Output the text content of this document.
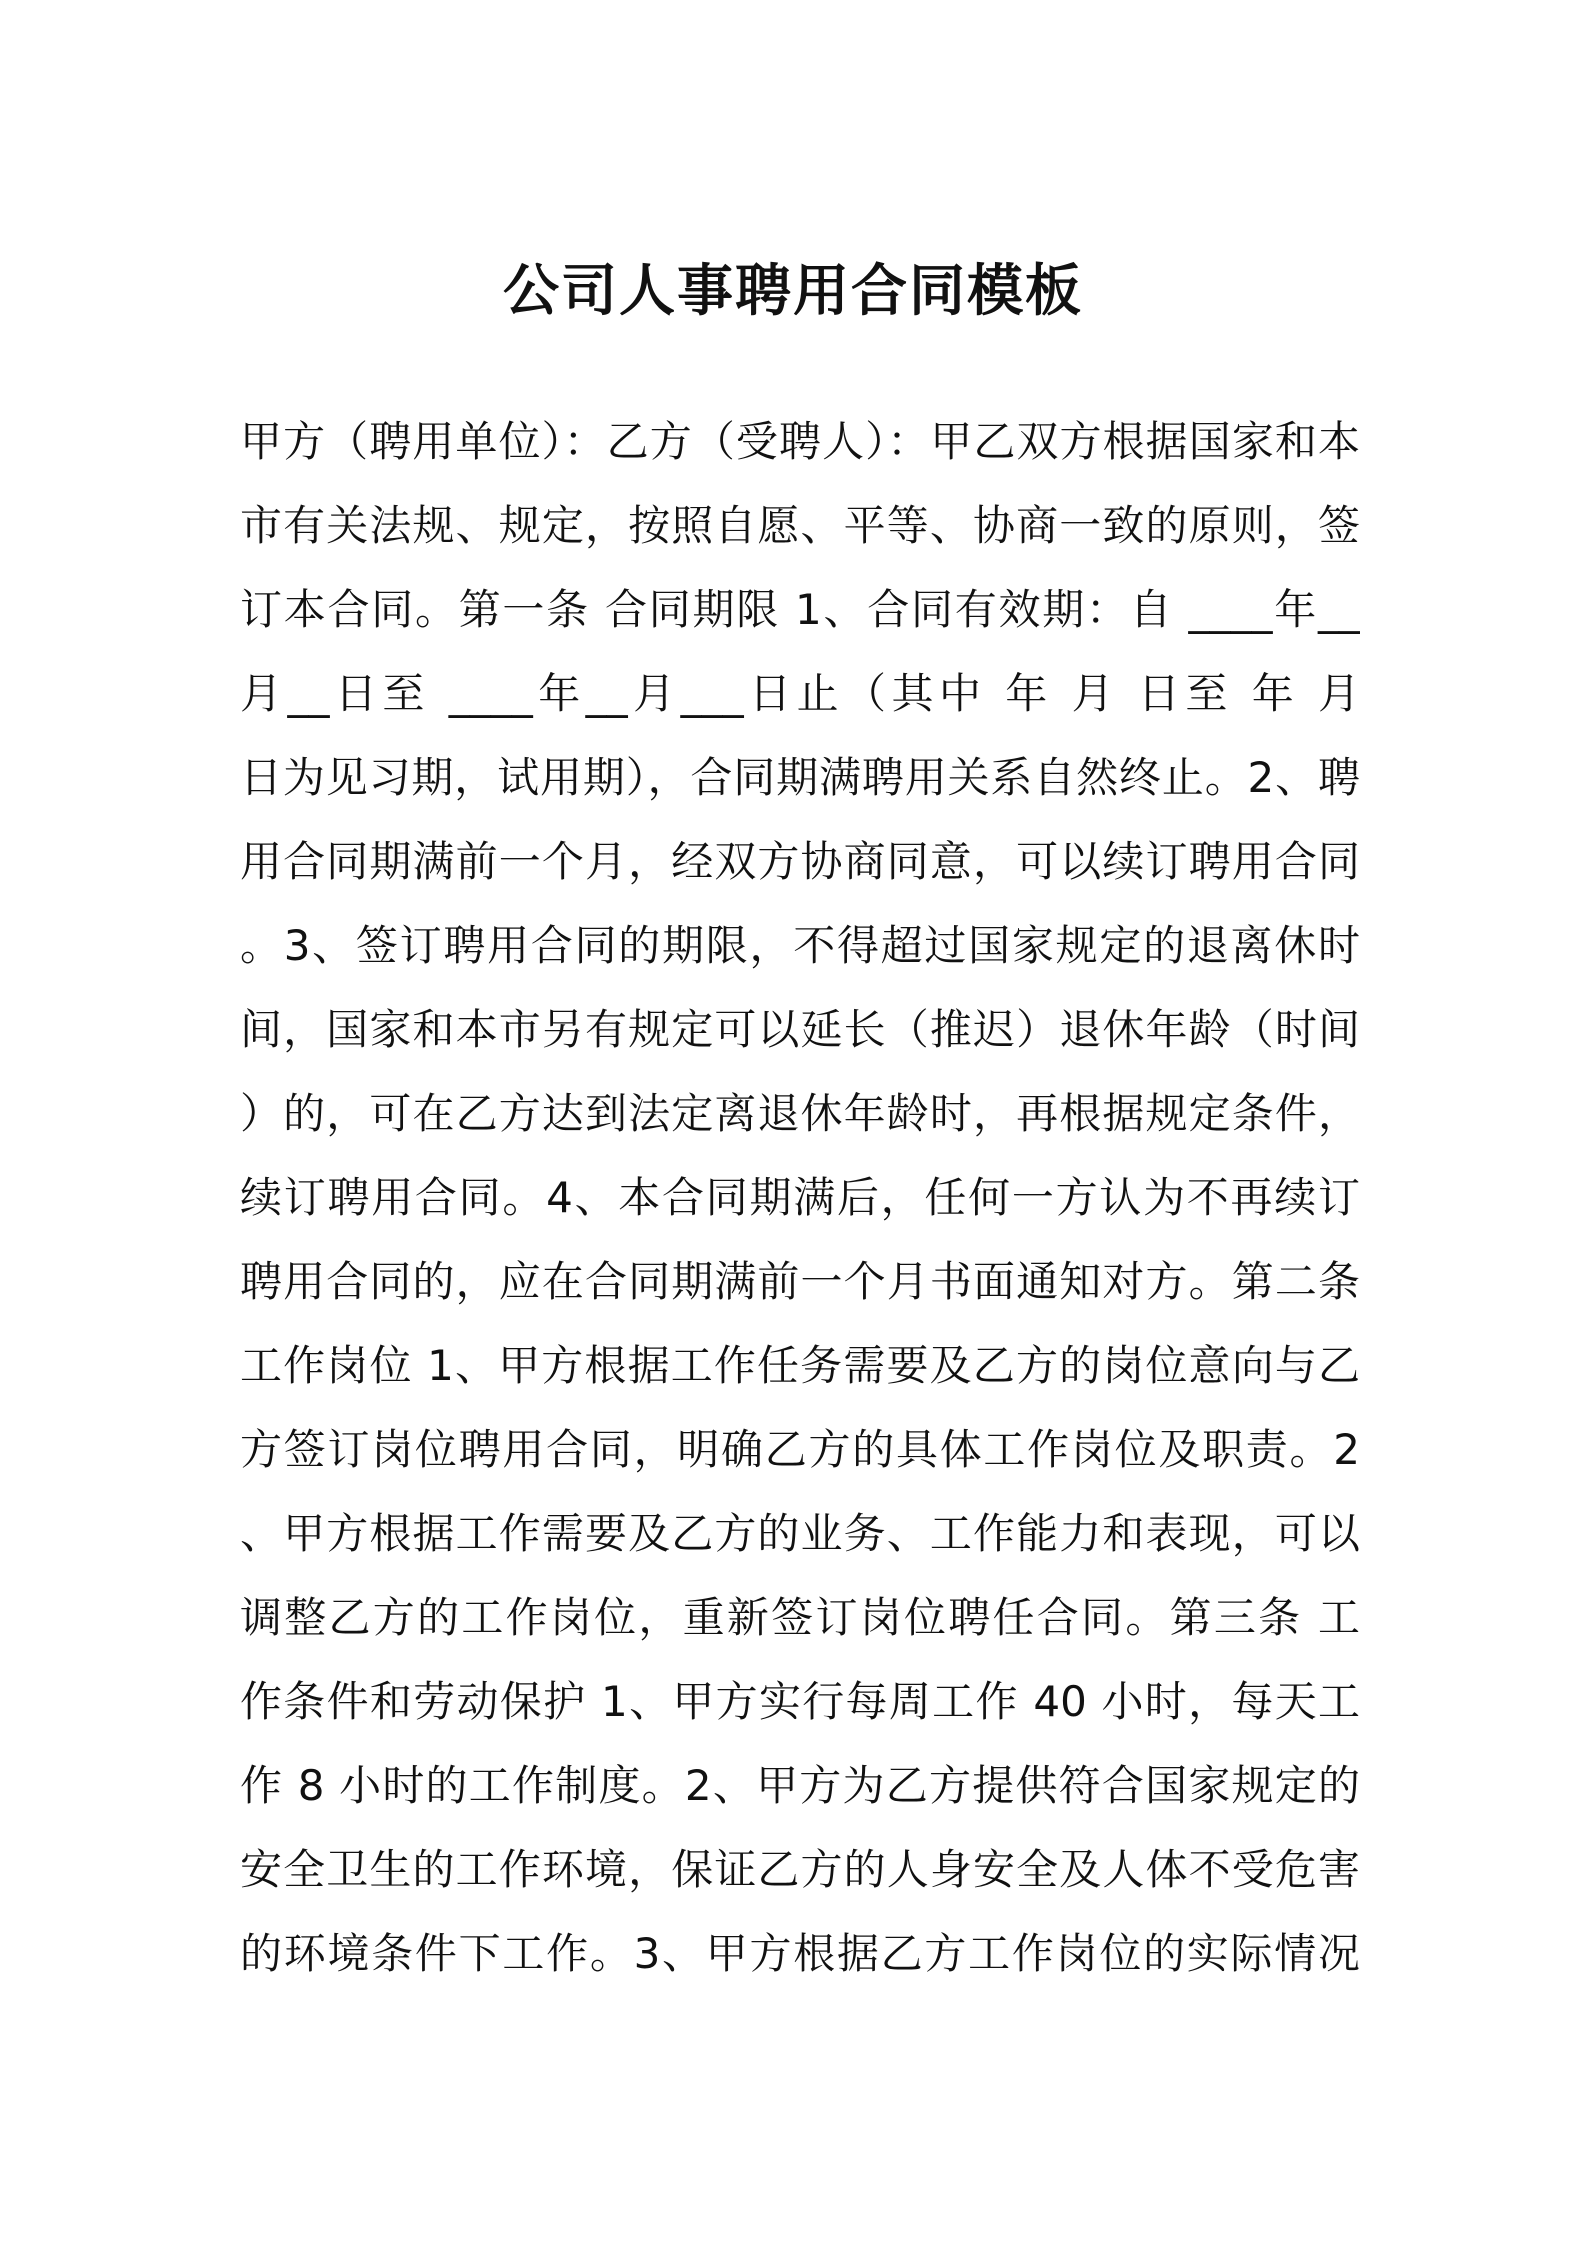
公司人事聘用合同模板
甲方（聘用单位）：乙方（受聘人）：甲乙双方根据国家和本
市有关法规、规定，按照自愿、平等、协商一致的原则，签
订本合同。第一条 合同期限 1、合同有效期：自 ____年__
月__日至 ____年__月___日止（其中 年 月 日至 年 月
日为见习期，试用期），合同期满聘用关系自然终止。2、聘
用合同期满前一个月，经双方协商同意，可以续订聘用合同
。3、签订聘用合同的期限，不得超过国家规定的退离休时
间，国家和本市另有规定可以延长（推迟）退休年龄（时间
）的，可在乙方达到法定离退休年龄时，再根据规定条件，
续订聘用合同。4、本合同期满后，任何一方认为不再续订
聘用合同的，应在合同期满前一个月书面通知对方。第二条
工作岗位 1、甲方根据工作任务需要及乙方的岗位意向与乙
方签订岗位聘用合同，明确乙方的具体工作岗位及职责。2
、甲方根据工作需要及乙方的业务、工作能力和表现，可以
调整乙方的工作岗位，重新签订岗位聘任合同。第三条 工
作条件和劳动保护 1、甲方实行每周工作 40 小时，每天工
作 8 小时的工作制度。2、甲方为乙方提供符合国家规定的
安全卫生的工作环境，保证乙方的人身安全及人体不受危害
的环境条件下工作。3、甲方根据乙方工作岗位的实际情况
